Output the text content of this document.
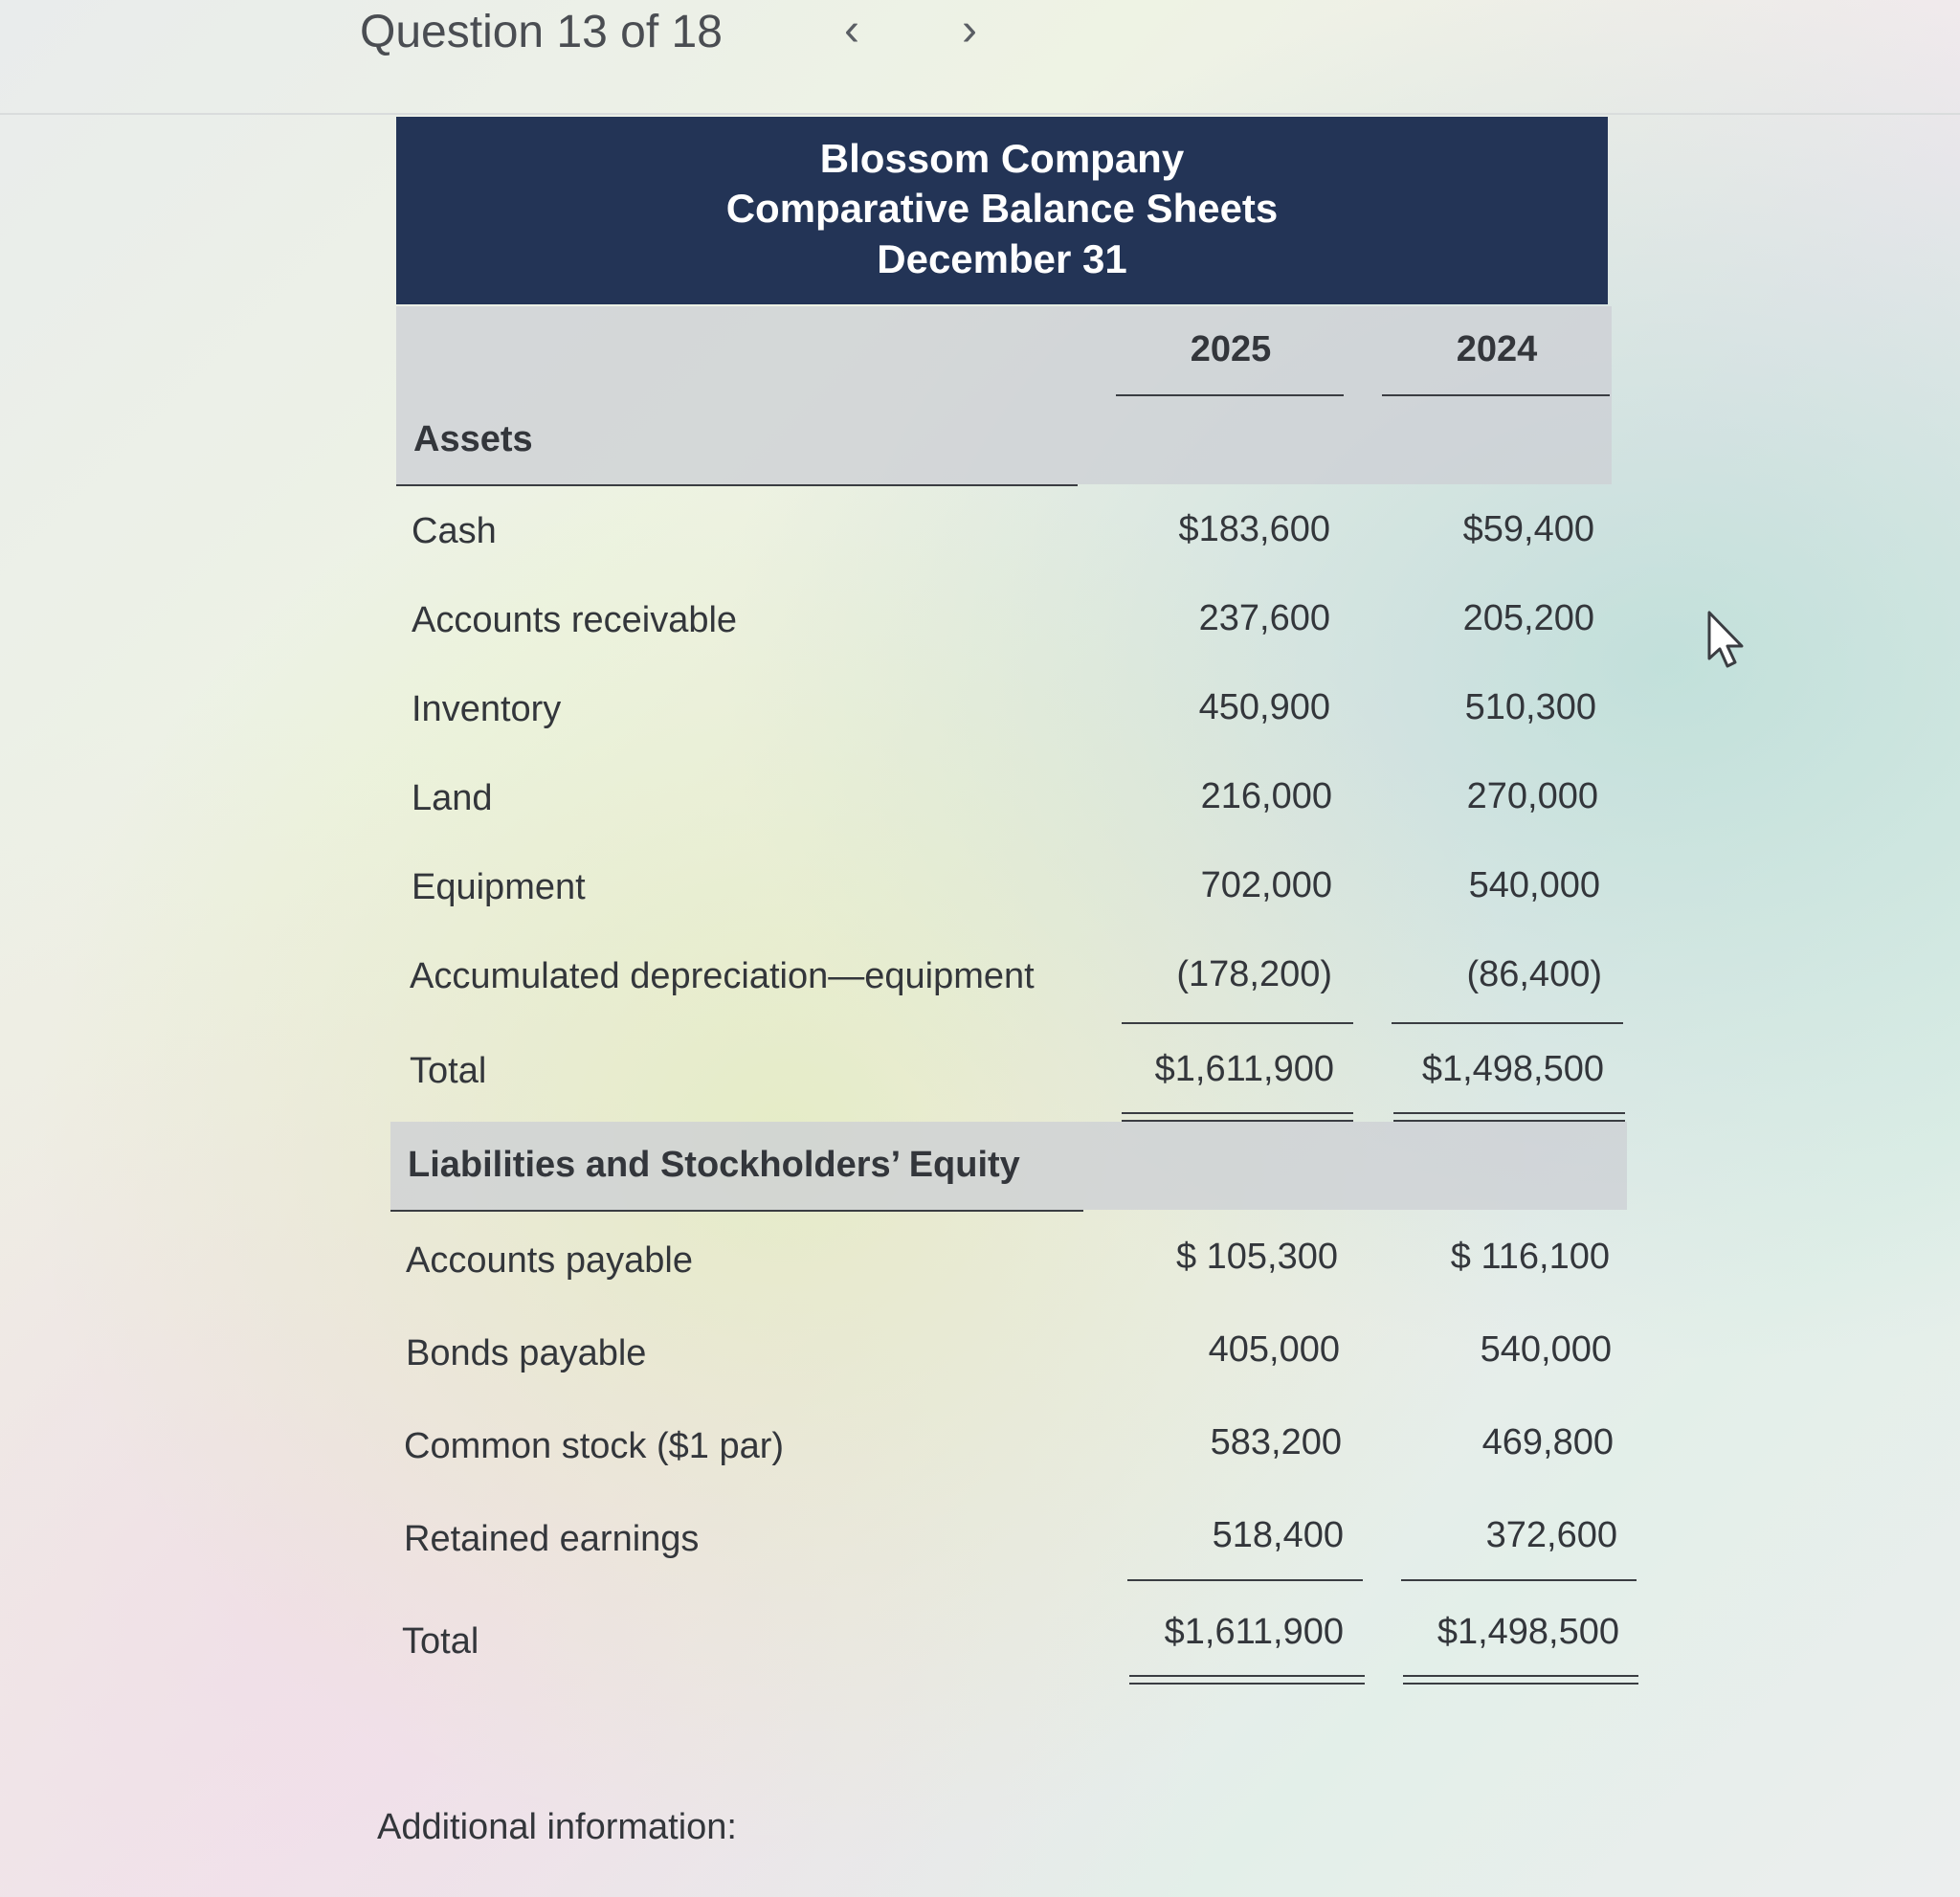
Question 13 of 18	‹ ›
Blossom Company
Comparative Balance Sheets
December 31
2025	2024
Assets
Cash	$183,600	$59,400
Accounts receivable	237,600	205,200
Inventory	450,900	510,300
Land	216,000	270,000
Equipment	702,000	540,000
Accumulated depreciation—equipment	(178,200)	(86,400)
Total	$1,611,900	$1,498,500
Liabilities and Stockholders’ Equity
Accounts payable	$ 105,300	$ 116,100
Bonds payable	405,000	540,000
Common stock ($1 par)	583,200	469,800
Retained earnings	518,400	372,600
Total	$1,611,900	$1,498,500
Additional information:
